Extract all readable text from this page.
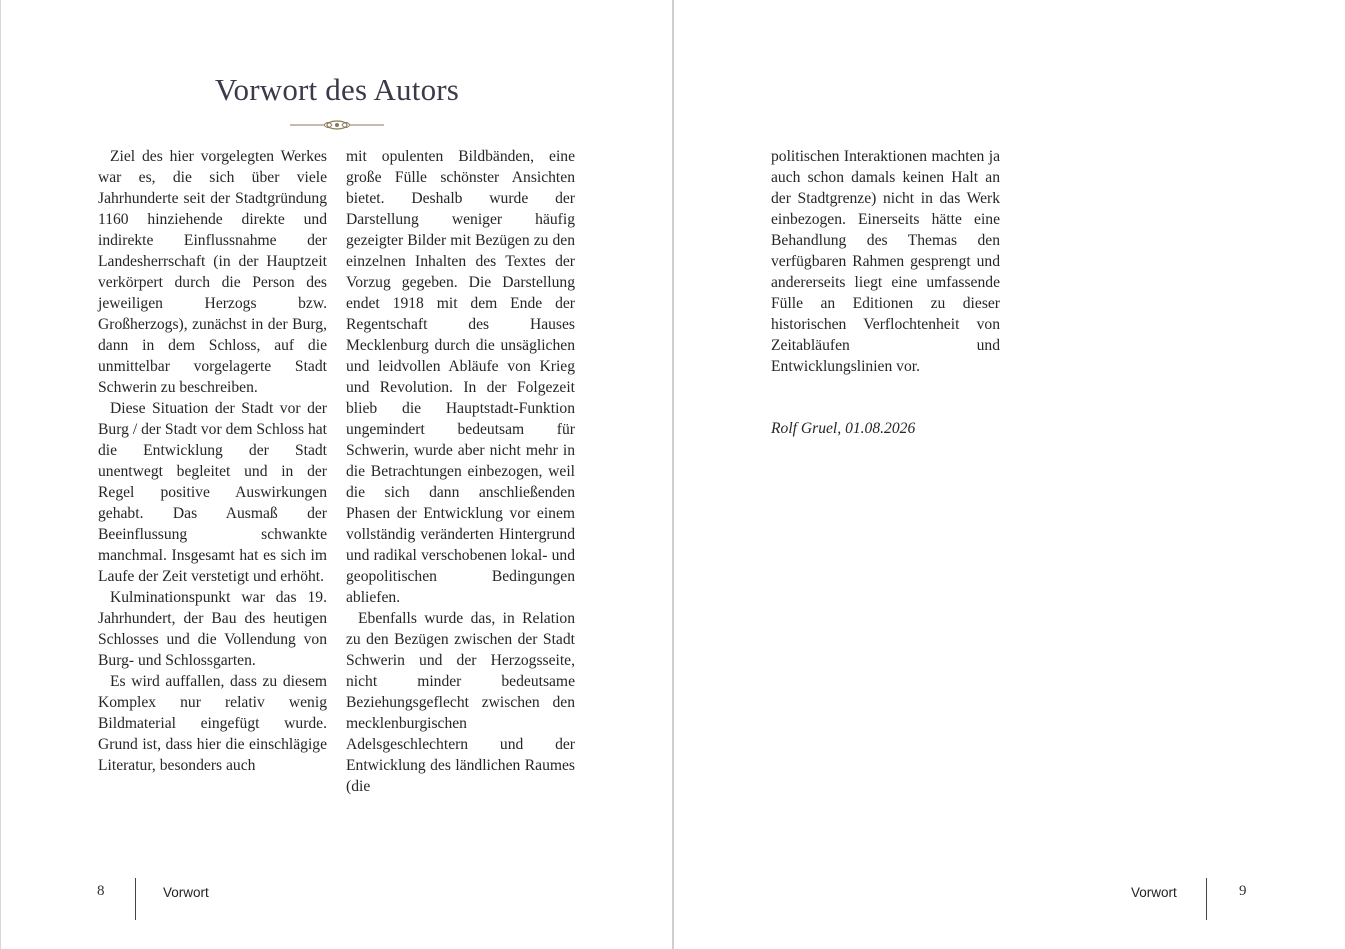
Vorwort des Autors

Ziel des hier vorgelegten Werkes war es, die sich über viele Jahrhunderte seit der Stadtgründung 1160 hinziehende direkte und indirekte Einflussnahme der Landesherrschaft (in der Hauptzeit verkörpert durch die Person des jeweiligen Herzogs bzw. Großherzogs), zunächst in der Burg, dann in dem Schloss, auf die unmittelbar vorgelagerte Stadt Schwerin zu beschreiben.

Diese Situation der Stadt vor der Burg / der Stadt vor dem Schloss hat die Entwicklung der Stadt unentwegt begleitet und in der Regel positive Auswirkungen gehabt. Das Ausmaß der Beeinflussung schwankte manchmal. Insgesamt hat es sich im Laufe der Zeit verstetigt und erhöht.

Kulminationspunkt war das 19. Jahrhundert, der Bau des heutigen Schlosses und die Vollendung von Burg- und Schlossgarten.

Es wird auffallen, dass zu diesem Komplex nur relativ wenig Bildmaterial eingefügt wurde. Grund ist, dass hier die einschlägige Literatur, besonders auch

mit opulenten Bildbänden, eine große Fülle schönster Ansichten bietet. Deshalb wurde der Darstellung weniger häufig gezeigter Bilder mit Bezügen zu den einzelnen Inhalten des Textes der Vorzug gegeben. Die Darstellung endet 1918 mit dem Ende der Regentschaft des Hauses Mecklenburg durch die unsäglichen und leidvollen Abläufe von Krieg und Revolution. In der Folgezeit blieb die Hauptstadt-Funktion ungemindert bedeutsam für Schwerin, wurde aber nicht mehr in die Betrachtungen einbezogen, weil die sich dann anschließenden Phasen der Entwicklung vor einem vollständig veränderten Hintergrund und radikal verschobenen lokal- und geopolitischen Bedingungen abliefen.

Ebenfalls wurde das, in Relation zu den Bezügen zwischen der Stadt Schwerin und der Herzogsseite, nicht minder bedeutsame Beziehungsgeflecht zwischen den mecklenburgischen Adelsgeschlechtern und der Entwicklung des ländlichen Raumes (die

politischen Interaktionen machten ja auch schon damals keinen Halt an der Stadtgrenze) nicht in das Werk einbezogen. Einerseits hätte eine Behandlung des Themas den verfügbaren Rahmen gesprengt und andererseits liegt eine umfassende Fülle an Editionen zu dieser historischen Verflochtenheit von Zeitabläufen und Entwicklungslinien vor.

Rolf Gruel, 01.08.2026
8	Vorwort	Vorwort	9
